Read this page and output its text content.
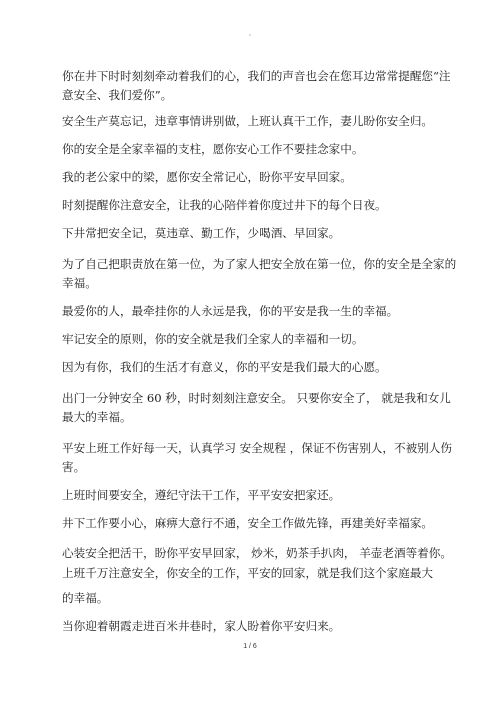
·

你在井下时时刻刻牵动着我们的心，我们的声音也会在您耳边常常提醒您“注意安全、我们爱你”。

安全生产莫忘记，违章事情讲别做，上班认真干工作，妻儿盼你安全归。

你的安全是全家幸福的支柱，愿你安心工作不要挂念家中。

我的老公家中的梁，愿你安全常记心，盼你平安早回家。

时刻提醒你注意安全，让我的心陪伴着你度过井下的每个日夜。

下井常把安全记，莫违章、勤工作，少喝酒、早回家。

为了自己把职责放在第一位，为了家人把安全放在第一位，你的安全是全家的幸福。

最爱你的人，最牵挂你的人永远是我，你的平安是我一生的幸福。

牢记安全的原则，你的安全就是我们全家人的幸福和一切。

因为有你，我们的生活才有意义，你的平安是我们最大的心愿。

出门一分钟安全 60 秒，时时刻刻注意安全。 只要你安全了， 就是我和女儿最大的幸福。

平安上班工作好每一天，认真学习 安全规程 ，保证不伤害别人，不被别人伤害。

上班时间要安全，遵纪守法干工作，平平安安把家还。

井下工作要小心，麻痹大意行不通，安全工作做先锋，再建美好幸福家。

心装安全把活干，盼你平安早回家， 炒米，奶茶手扒肉， 羊壶老酒等着你。

上班千万注意安全，你安全的工作，平安的回家，就是我们这个家庭最大

的幸福。

当你迎着朝霞走进百米井巷时，家人盼着你平安归来。

1 / 6
